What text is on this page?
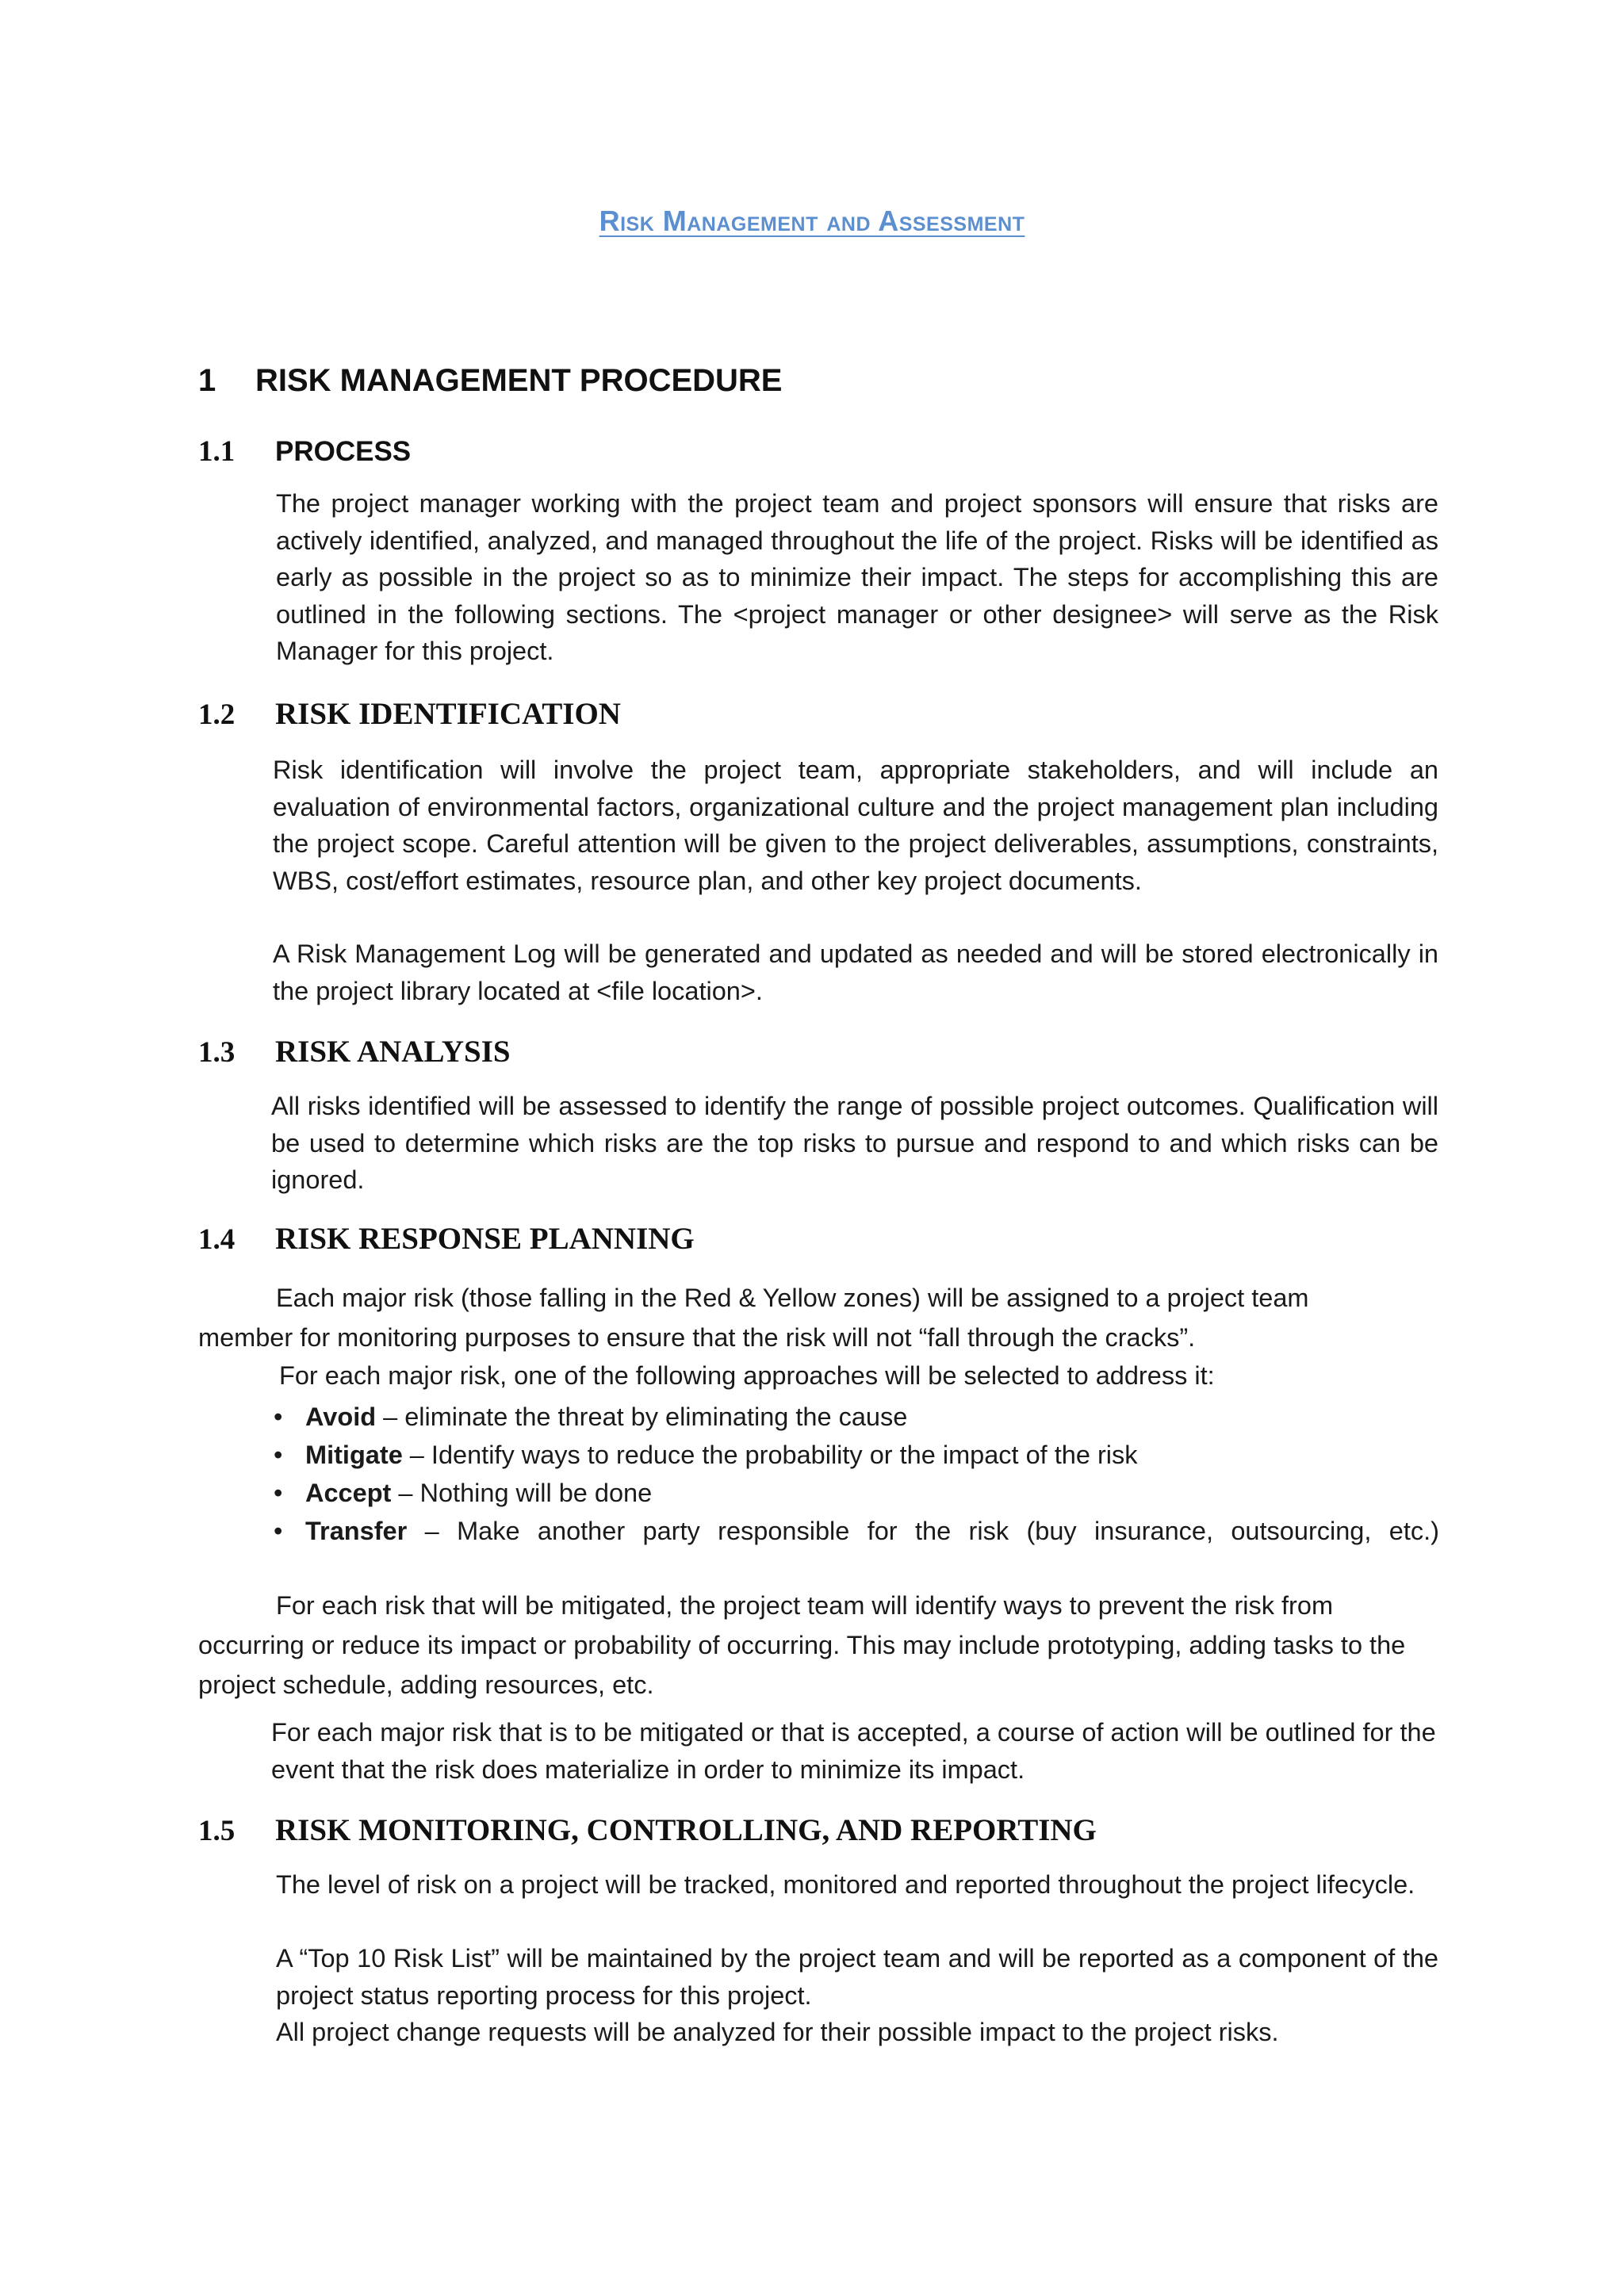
Risk Management and Assessment
1 RISK MANAGEMENT PROCEDURE
1.1 PROCESS

The project manager working with the project team and project sponsors will ensure that risks are actively identified, analyzed, and managed throughout the life of the project. Risks will be identified as early as possible in the project so as to minimize their impact. The steps for accomplishing this are outlined in the following sections. The <project manager or other designee> will serve as the Risk Manager for this project.

1.2 RISK IDENTIFICATION

Risk identification will involve the project team, appropriate stakeholders, and will include an evaluation of environmental factors, organizational culture and the project management plan including the project scope. Careful attention will be given to the project deliverables, assumptions, constraints, WBS, cost/effort estimates, resource plan, and other key project documents.

A Risk Management Log will be generated and updated as needed and will be stored electronically in the project library located at <file location>.

1.3 RISK ANALYSIS

All risks identified will be assessed to identify the range of possible project outcomes. Qualification will be used to determine which risks are the top risks to pursue and respond to and which risks can be ignored.

1.4 RISK RESPONSE PLANNING

Each major risk (those falling in the Red & Yellow zones) will be assigned to a project team member for monitoring purposes to ensure that the risk will not “fall through the cracks”.

For each major risk, one of the following approaches will be selected to address it:

• Avoid – eliminate the threat by eliminating the cause
• Mitigate – Identify ways to reduce the probability or the impact of the risk
• Accept – Nothing will be done
• Transfer – Make another party responsible for the risk (buy insurance, outsourcing, etc.)

For each risk that will be mitigated, the project team will identify ways to prevent the risk from occurring or reduce its impact or probability of occurring. This may include prototyping, adding tasks to the project schedule, adding resources, etc.

For each major risk that is to be mitigated or that is accepted, a course of action will be outlined for the event that the risk does materialize in order to minimize its impact.

1.5 RISK MONITORING, CONTROLLING, AND REPORTING

The level of risk on a project will be tracked, monitored and reported throughout the project lifecycle.

A “Top 10 Risk List” will be maintained by the project team and will be reported as a component of the project status reporting process for this project.

All project change requests will be analyzed for their possible impact to the project risks.
